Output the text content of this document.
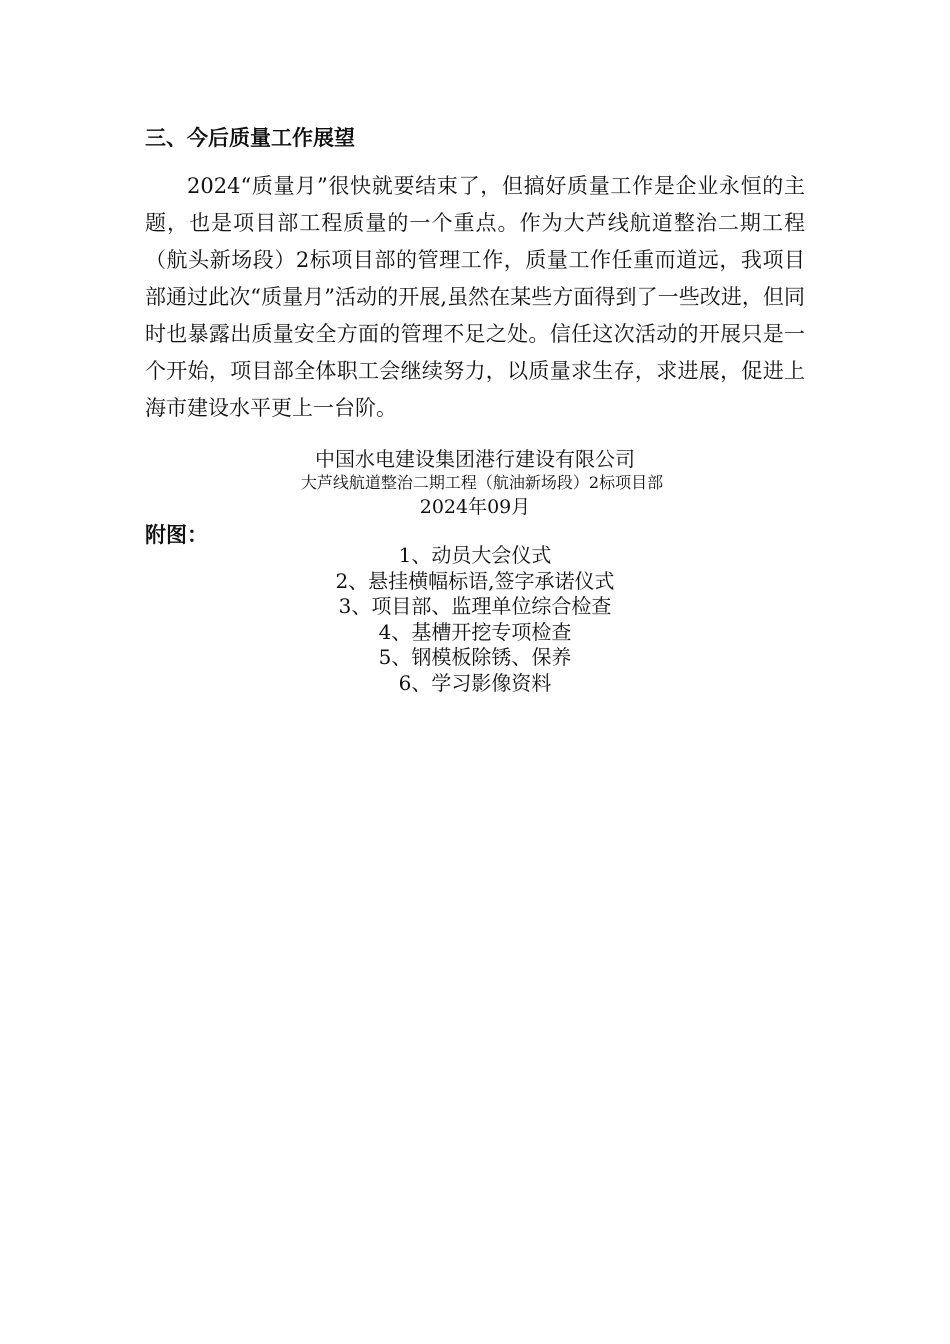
三、今后质量工作展望

2024“质量月”很快就要结束了，但搞好质量工作是企业永恒的主题，也是项目部工程质量的一个重点。作为大芦线航道整治二期工程（航头新场段）2标项目部的管理工作，质量工作任重而道远，我项目部通过此次“质量月”活动的开展,虽然在某些方面得到了一些改进，但同时也暴露出质量安全方面的管理不足之处。信任这次活动的开展只是一个开始，项目部全体职工会继续努力，以质量求生存，求进展，促进上海市建设水平更上一台阶。

中国水电建设集团港行建设有限公司

大芦线航道整治二期工程（航油新场段）2标项目部

2024年09月

附图：
1、动员大会仪式
2、悬挂横幅标语,签字承诺仪式
3、项目部、监理单位综合检查
4、基槽开挖专项检查
5、钢模板除锈、保养
6、学习影像资料
